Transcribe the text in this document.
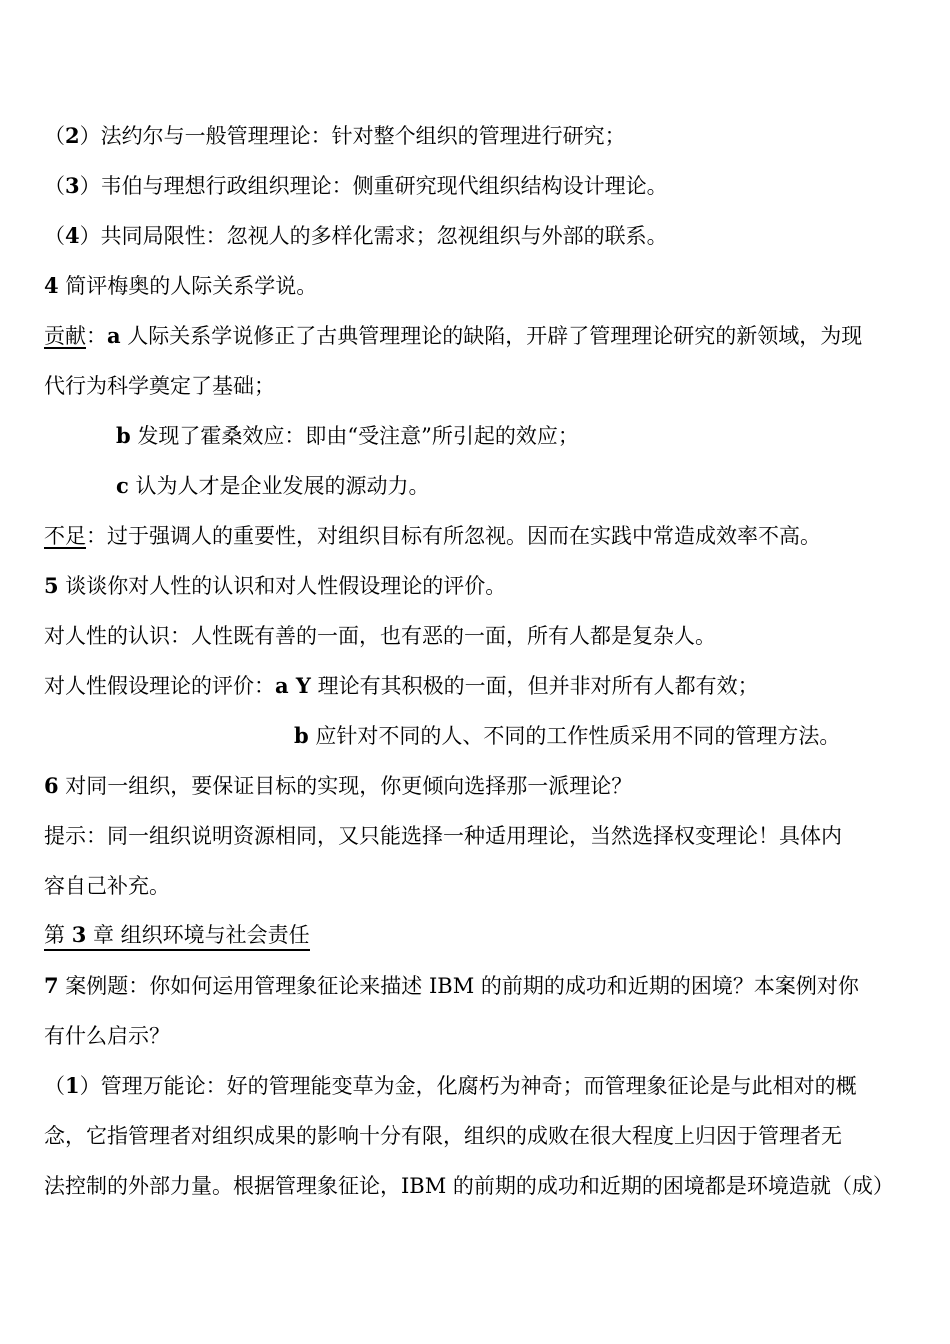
（2）法约尔与一般管理理论：针对整个组织的管理进行研究；
（3）韦伯与理想行政组织理论：侧重研究现代组织结构设计理论。
（4）共同局限性：忽视人的多样化需求；忽视组织与外部的联系。
4 简评梅奥的人际关系学说。
贡献：a 人际关系学说修正了古典管理理论的缺陷，开辟了管理理论研究的新领域，为现
代行为科学奠定了基础；
b 发现了霍桑效应：即由“受注意”所引起的效应；
c 认为人才是企业发展的源动力。
不足：过于强调人的重要性，对组织目标有所忽视。因而在实践中常造成效率不高。
5 谈谈你对人性的认识和对人性假设理论的评价。
对人性的认识：人性既有善的一面，也有恶的一面，所有人都是复杂人。
对人性假设理论的评价：a Y 理论有其积极的一面，但并非对所有人都有效；
b 应针对不同的人、不同的工作性质采用不同的管理方法。
6 对同一组织，要保证目标的实现，你更倾向选择那一派理论？
提示：同一组织说明资源相同，又只能选择一种适用理论，当然选择权变理论！具体内
容自己补充。
第 3 章 组织环境与社会责任
7 案例题：你如何运用管理象征论来描述 IBM 的前期的成功和近期的困境？本案例对你
有什么启示？
（1）管理万能论：好的管理能变草为金，化腐朽为神奇；而管理象征论是与此相对的概
念，它指管理者对组织成果的影响十分有限，组织的成败在很大程度上归因于管理者无
法控制的外部力量。根据管理象征论，IBM 的前期的成功和近期的困境都是环境造就（成）
